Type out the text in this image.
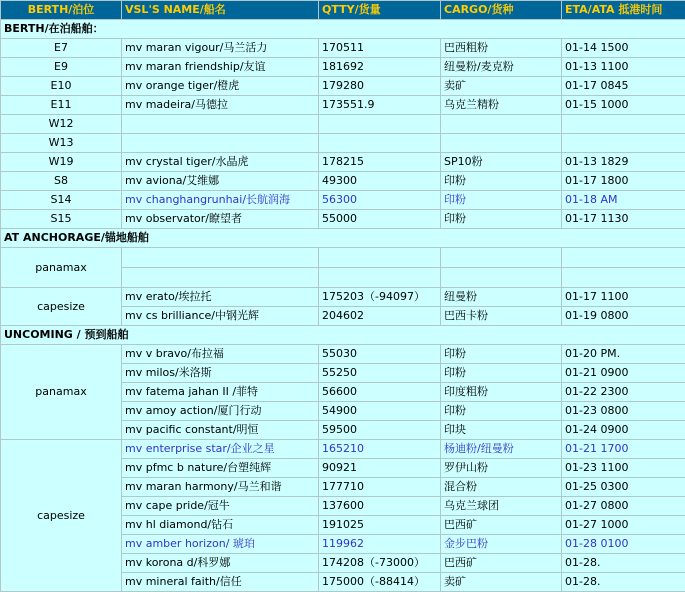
BERTH/泊位	VSL'S NAME/船名	QTTY/货量	CARGO/货种	ETA/ATA 抵港时间
BERTH/在泊船舶：				
E7	mv maran vigour/马兰活力	170511	巴西粗粉	01-14 1500
E9	mv maran friendship/友谊	181692	纽曼粉/麦克粉	01-13 1100
E10	mv orange tiger/橙虎	179280	卖矿	01-17 0845
E11	mv madeira/马德拉	173551.9	乌克兰精粉	01-15 1000
W12				
W13				
W19	mv crystal tiger/水晶虎	178215	SP10粉	01-13 1829
S8	mv aviona/艾维娜	49300	印粉	01-17 1800
S14	mv changhangrunhai/长航润海	56300	印粉	01-18 AM
S15	mv observator/瞭望者	55000	印粉	01-17 1130
AT ANCHORAGE/锚地船舶				
panamax				

capesize	mv erato/埃拉托	175203（-94097）	纽曼粉	01-17 1100
	mv cs brilliance/中钢光辉	204602	巴西卡粉	01-19 0800
UNCOMING / 预到船舶				
panamax	mv v bravo/布拉福	55030	印粉	01-20 PM.
	mv milos/米洛斯	55250	印粉	01-21 0900
	mv fatema jahan II /菲特	56600	印度粗粉	01-22 2300
	mv amoy action/厦门行动	54900	印粉	01-23 0800
	mv pacific constant/明恒	59500	印块	01-24 0900
capesize	mv enterprise star/企业之星	165210	杨迪粉/纽曼粉	01-21 1700
	mv pfmc b nature/台塑纯辉	90921	罗伊山粉	01-23 1100
	mv maran harmony/马兰和谐	177710	混合粉	01-25 0300
	mv cape pride/冠牛	137600	乌克兰球团	01-27 0800
	mv hl diamond/钻石	191025	巴西矿	01-27 1000
	mv amber horizon/ 琥珀	119962	金步巴粉	01-28 0100
	mv korona d/科罗娜	174208（-73000）	巴西矿	01-28.
	mv mineral faith/信任	175000（-88414）	卖矿	01-28.
